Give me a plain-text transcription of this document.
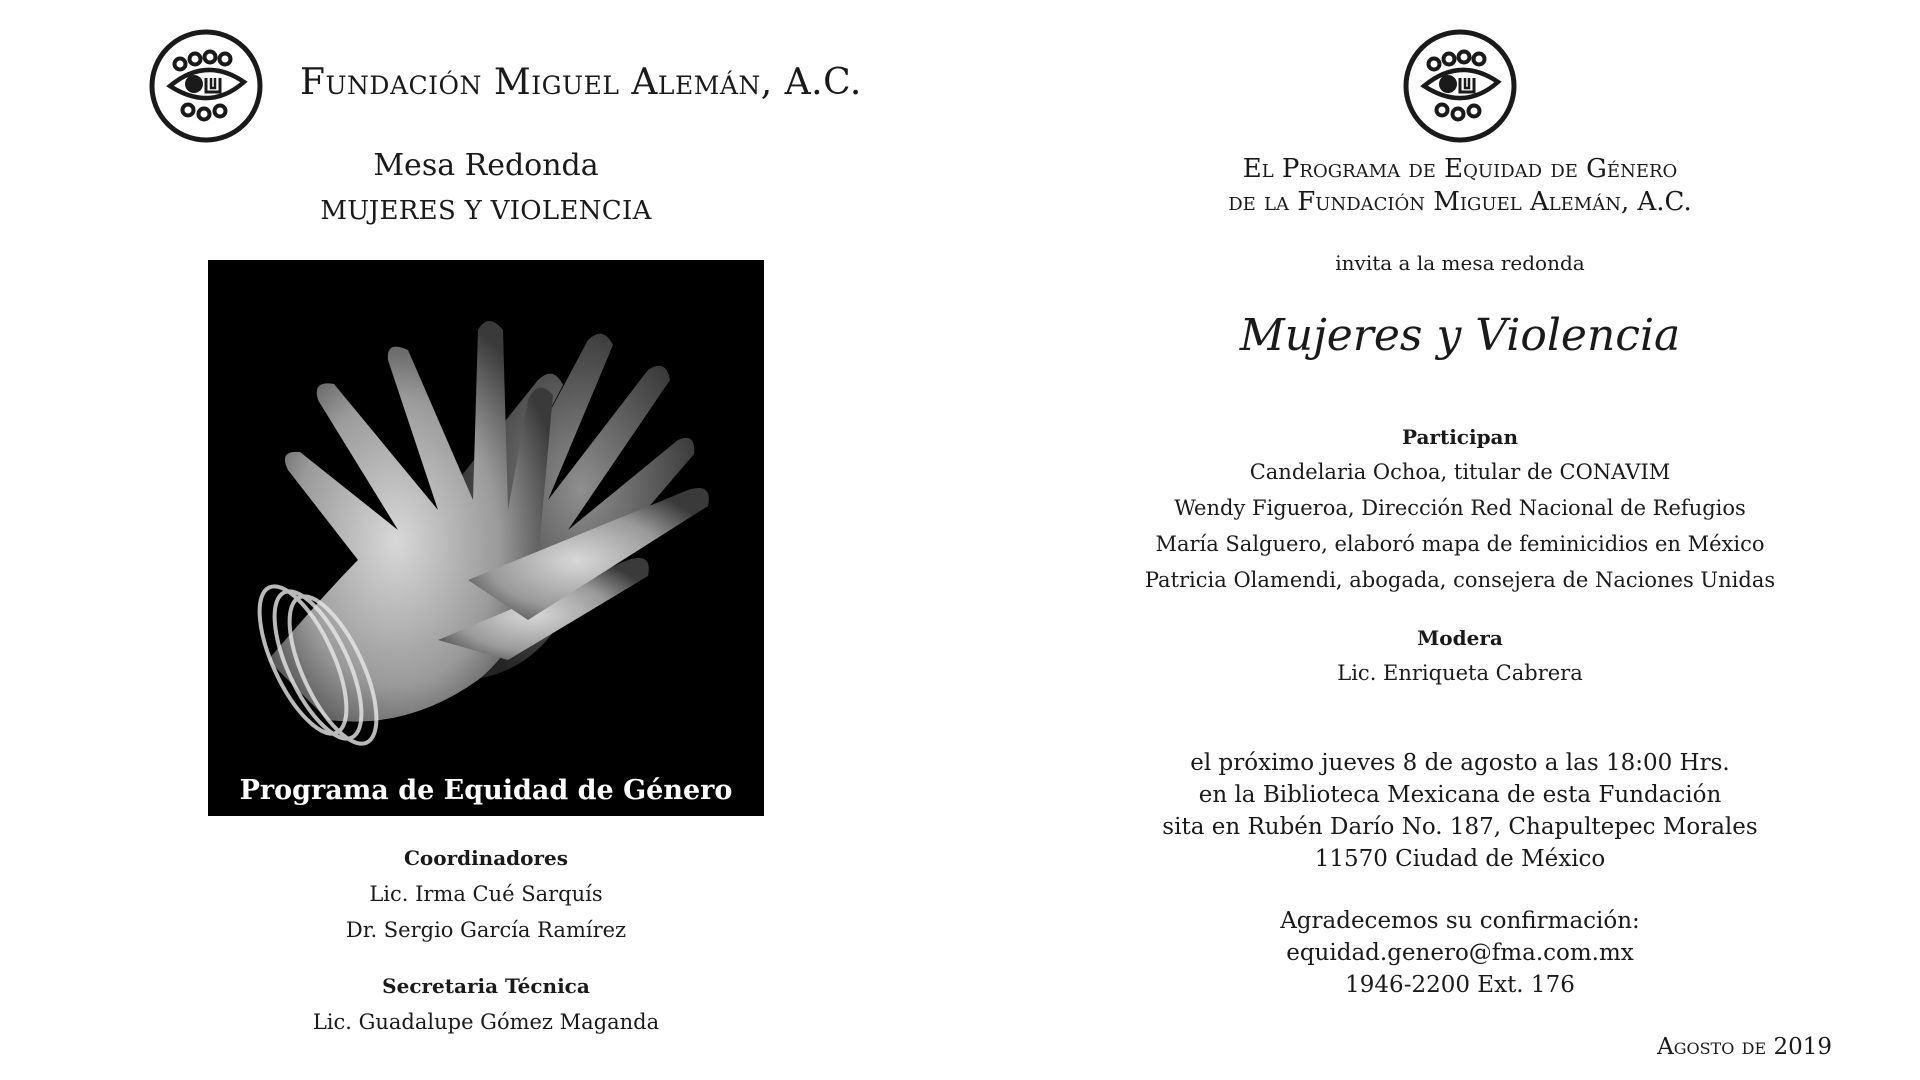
Fundación Miguel Alemán, A.C.
Mesa Redonda
MUJERES Y VIOLENCIA
Programa de Equidad de Género
Coordinadores
Lic. Irma Cué Sarquís
Dr. Sergio García Ramírez
Secretaria Técnica
Lic. Guadalupe Gómez Maganda
El Programa de Equidad de Género
de la Fundación Miguel Alemán, A.C.
invita a la mesa redonda
Mujeres y Violencia
Participan
Candelaria Ochoa, titular de CONAVIM
Wendy Figueroa, Dirección Red Nacional de Refugios
María Salguero, elaboró mapa de feminicidios en México
Patricia Olamendi, abogada, consejera de Naciones Unidas
Modera
Lic. Enriqueta Cabrera
el próximo jueves 8 de agosto a las 18:00 Hrs.
en la Biblioteca Mexicana de esta Fundación
sita en Rubén Darío No. 187, Chapultepec Morales
11570 Ciudad de México
Agradecemos su confirmación:
equidad.genero@fma.com.mx
1946-2200 Ext. 176
Agosto de 2019
